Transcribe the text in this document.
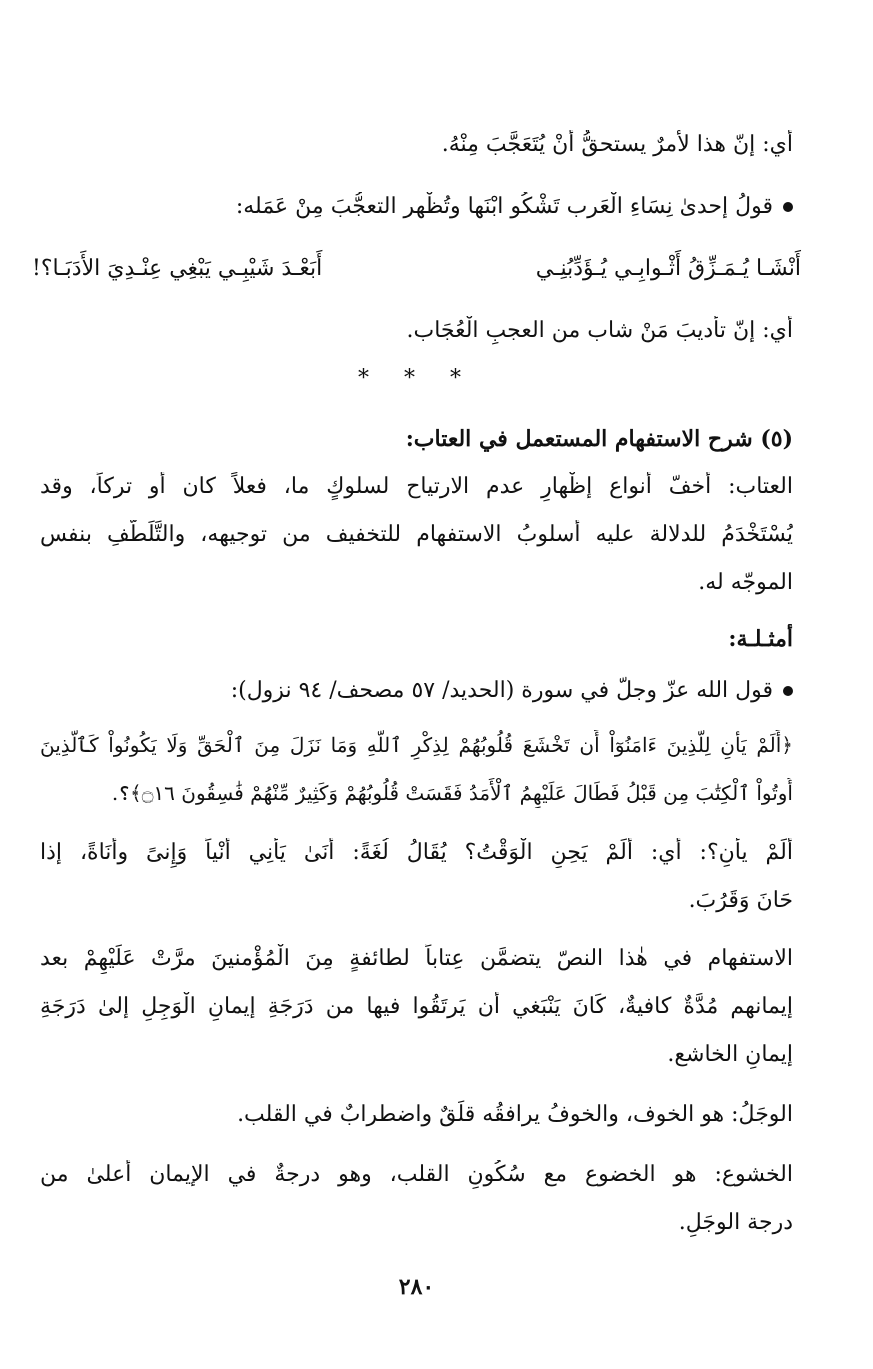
أي: إنّ هذا لأمرٌ يستحقُّ أَنْ يُتَعَجَّبَ مِنْهُ.
قولُ إحدىٰ نِسَاءِ الْعَرب تَشْكُو ابْنَها وتُظْهر التعجُّبَ مِنْ عَمَله:
أَنْشَـا يُـمَـزِّقُ أَثْـوابِـي يُـؤَدِّبُنِـي
أَبَعْـدَ شَيْبِـي يَبْغِي عِنْـدِيَ الأَدَبَـا؟!
أي: إنّ تأديبَ مَنْ شاب من العجبِ الْعُجَاب.
* * *
(٥) شرح الاستفهام المستعمل في العتاب:
العتاب: أخفّ أنواع إظْهارِ عدم الارتياح لسلوكٍ ما، فعلاً كان أو تركاً، وقد
يُسْتَخْدَمُ للدلالة عليه أسلوبُ الاستفهام للتخفيف من توجيهه، والتَّلَطُّفِ بنفس
الموجّه له.
أمثـلـة:
قول الله عزّ وجلّ في سورة (الحديد/ ٥٧ مصحف/ ٩٤ نزول):
﴿أَلَمْ يَأْنِ لِلَّذِينَ ءَامَنُوٓاْ أَن تَخْشَعَ قُلُوبُهُمْ لِذِكْرِ ٱللَّهِ وَمَا نَزَلَ مِنَ ٱلْحَقِّ وَلَا يَكُونُواْ كَٱلَّذِينَ
أُوتُواْ ٱلْكِتَٰبَ مِن قَبْلُ فَطَالَ عَلَيْهِمُ ٱلْأَمَدُ فَقَسَتْ قُلُوبُهُمْ وَكَثِيرٌ مِّنْهُمْ فَٰسِقُونَ ۝١٦﴾؟.
أَلَمْ يأْنِ؟: أي: أَلَمْ يَحِنِ الْوَقْتُ؟ يُقَالُ لُغَةً: أَنَىٰ يَأْنِي أَنْياً وَإِنىً وأَنَاةً، إذا
حَانَ وَقَرُبَ.
الاستفهام في هٰذا النصّ يتضمَّن عِتاباً لطائفةٍ مِنَ الْمُؤْمنينَ مرَّتْ عَلَيْهِمْ بعد
إيمانهم مُدَّةٌ كافيةٌ، كَانَ يَنْبَغي أن يَرتَقُوا فيها من دَرَجَةِ إيمانِ الْوَجِلِ إلىٰ دَرَجَةِ
إيمانِ الخاشع.
الوجَلُ: هو الخوف، والخوفُ يرافقُه قلَقٌ واضطرابٌ في القلب.
الخشوع: هو الخضوع مع سُكُونِ القلب، وهو درجةٌ في الإيمان أعلىٰ من
درجة الوجَلِ.
٢٨٠
